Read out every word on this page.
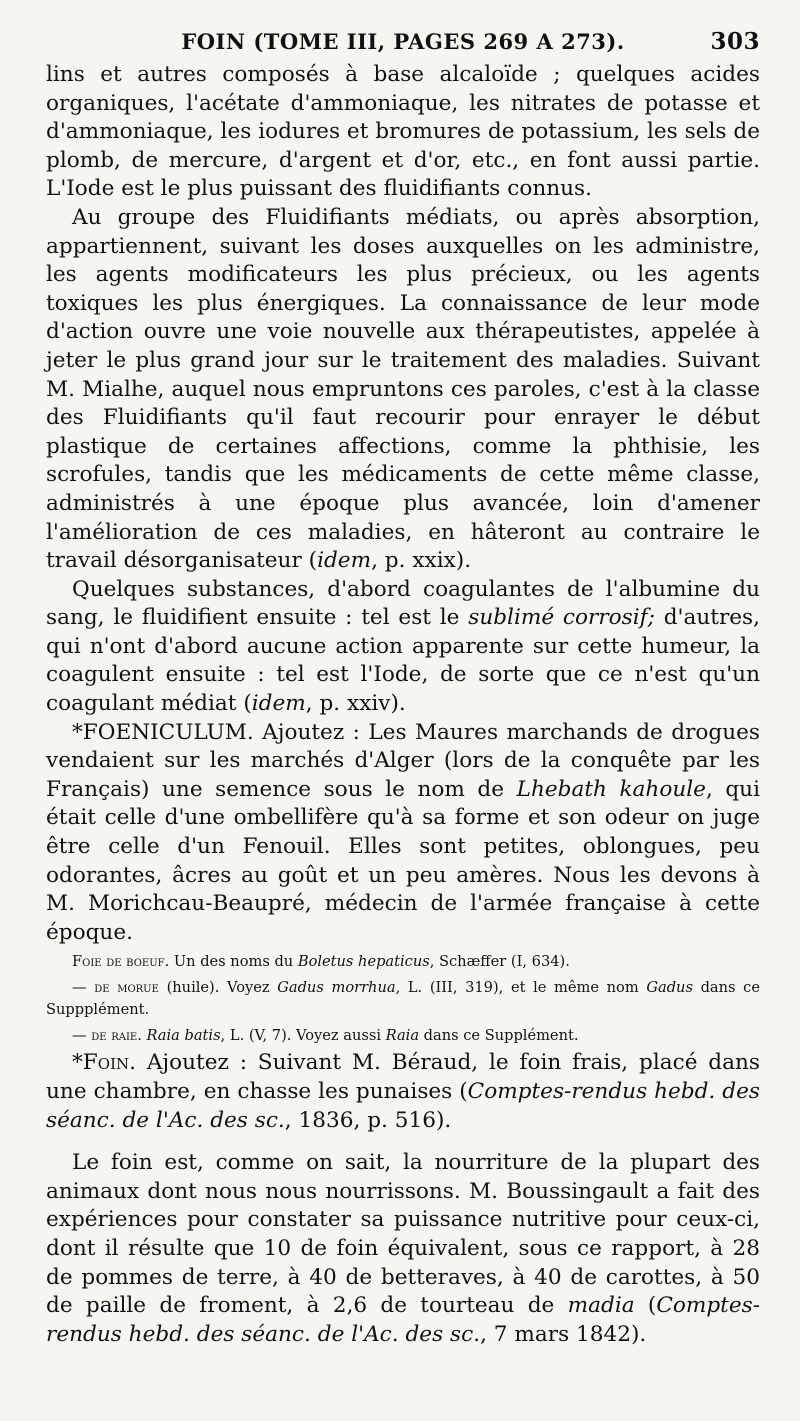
FOIN (TOME III, PAGES 269 A 273).	303

lins et autres composés à base alcaloïde ; quelques acides organiques, l'acétate d'ammoniaque, les nitrates de potasse et d'ammoniaque, les iodures et bromures de potassium, les sels de plomb, de mercure, d'argent et d'or, etc., en font aussi partie. L'Iode est le plus puissant des fluidifiants connus.

Au groupe des Fluidifiants médiats, ou après absorption, appartiennent, suivant les doses auxquelles on les administre, les agents modificateurs les plus précieux, ou les agents toxiques les plus énergiques. La connaissance de leur mode d'action ouvre une voie nouvelle aux thérapeutistes, appelée à jeter le plus grand jour sur le traitement des maladies. Suivant M. Mialhe, auquel nous empruntons ces paroles, c'est à la classe des Fluidifiants qu'il faut recourir pour enrayer le début plastique de certaines affections, comme la phthisie, les scrofules, tandis que les médicaments de cette même classe, administrés à une époque plus avancée, loin d'amener l'amélioration de ces maladies, en hâteront au contraire le travail désorganisateur (idem, p. xxix).

Quelques substances, d'abord coagulantes de l'albumine du sang, le fluidifient ensuite : tel est le sublimé corrosif; d'autres, qui n'ont d'abord aucune action apparente sur cette humeur, la coagulent ensuite : tel est l'Iode, de sorte que ce n'est qu'un coagulant médiat (idem, p. xxiv).

*FOENICULUM. Ajoutez : Les Maures marchands de drogues vendaient sur les marchés d'Alger (lors de la conquête par les Français) une semence sous le nom de Lhebath kahoule, qui était celle d'une ombellifère qu'à sa forme et son odeur on juge être celle d'un Fenouil. Elles sont petites, oblongues, peu odorantes, âcres au goût et un peu amères. Nous les devons à M. Morichcau-Beaupré, médecin de l'armée française à cette époque.

Foie de boeuf. Un des noms du Boletus hepaticus, Schæffer (I, 634).

— de morue (huile). Voyez Gadus morrhua, L. (III, 319), et le même nom Gadus dans ce Suppplément.

— de raie. Raia batis, L. (V, 7). Voyez aussi Raia dans ce Supplément.

*Foin. Ajoutez : Suivant M. Béraud, le foin frais, placé dans une chambre, en chasse les punaises (Comptes-rendus hebd. des séanc. de l'Ac. des sc., 1836, p. 516).

Le foin est, comme on sait, la nourriture de la plupart des animaux dont nous nous nourrissons. M. Boussingault a fait des expériences pour constater sa puissance nutritive pour ceux-ci, dont il résulte que 10 de foin équivalent, sous ce rapport, à 28 de pommes de terre, à 40 de betteraves, à 40 de carottes, à 50 de paille de froment, à 2,6 de tourteau de madia (Comptes-rendus hebd. des séanc. de l'Ac. des sc., 7 mars 1842).
